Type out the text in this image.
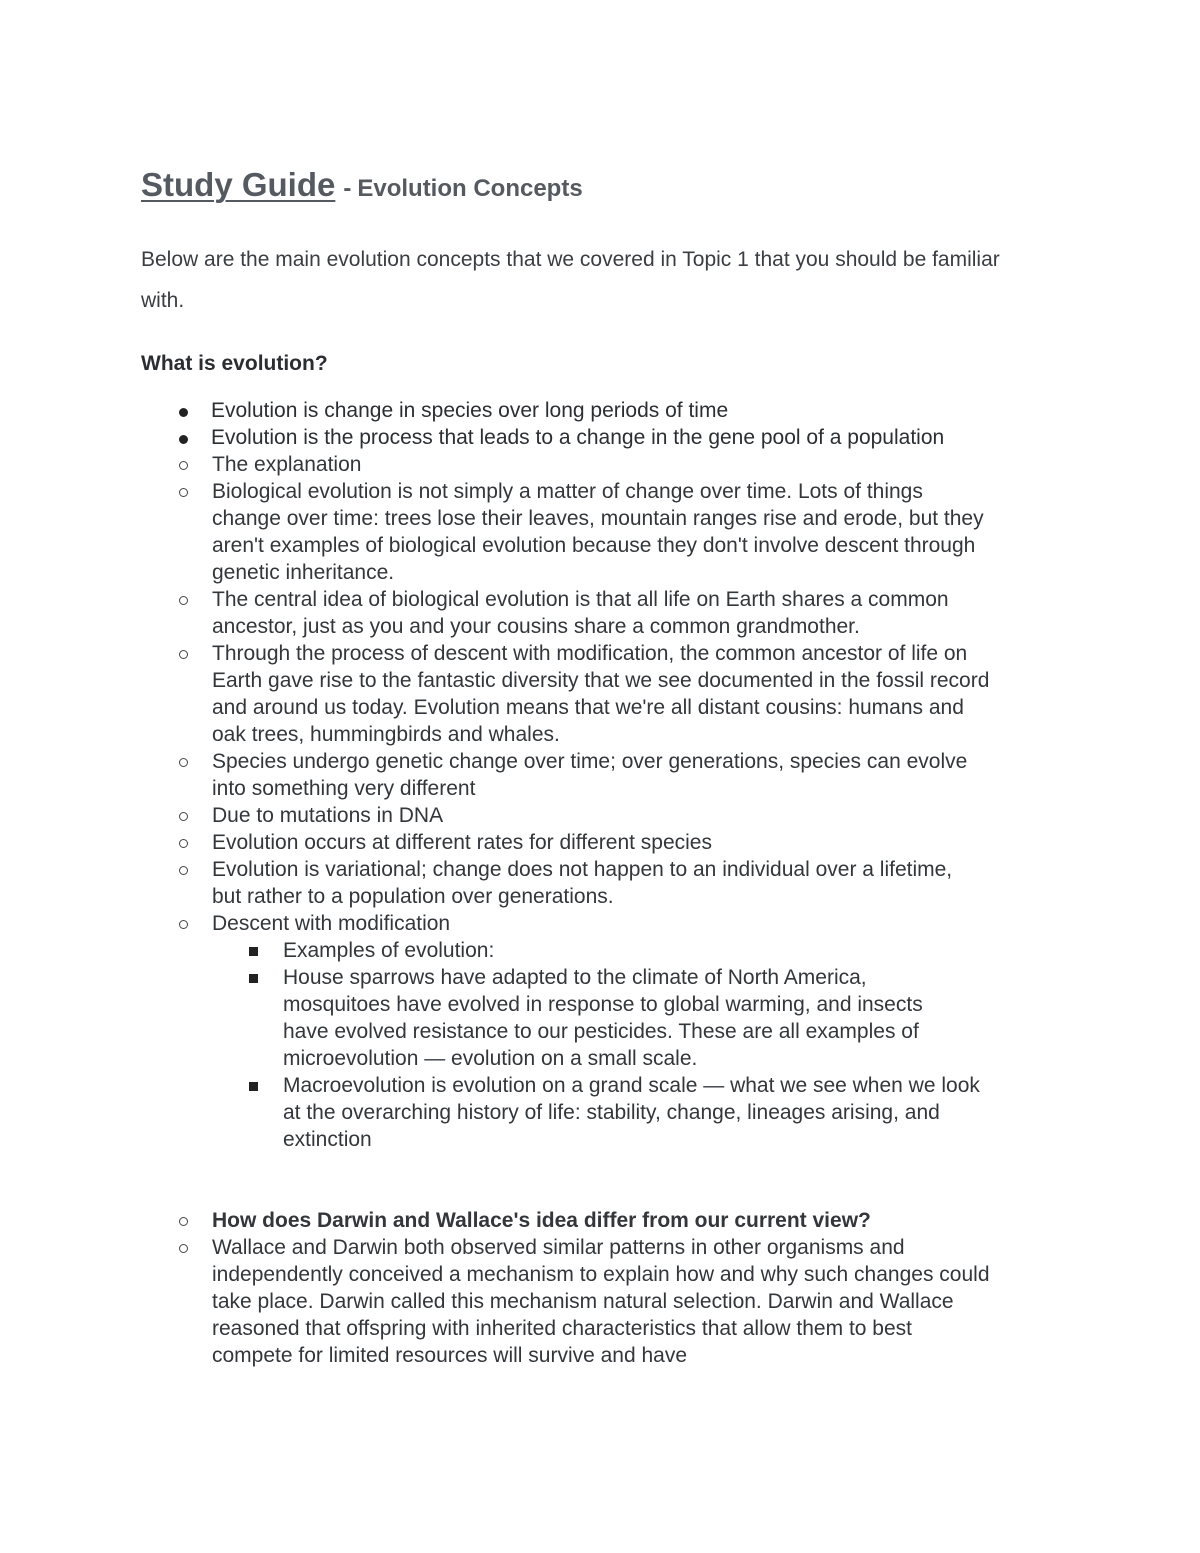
Study Guide - Evolution Concepts

Below are the main evolution concepts that we covered in Topic 1 that you should be familiar with.

What is evolution?
Evolution is change in species over long periods of time
Evolution is the process that leads to a change in the gene pool of a population
The explanation
Biological evolution is not simply a matter of change over time. Lots of things change over time: trees lose their leaves, mountain ranges rise and erode, but they aren't examples of biological evolution because they don't involve descent through genetic inheritance.
The central idea of biological evolution is that all life on Earth shares a common ancestor, just as you and your cousins share a common grandmother.
Through the process of descent with modification, the common ancestor of life on Earth gave rise to the fantastic diversity that we see documented in the fossil record and around us today. Evolution means that we're all distant cousins: humans and oak trees, hummingbirds and whales.
Species undergo genetic change over time; over generations, species can evolve into something very different
Due to mutations in DNA
Evolution occurs at different rates for different species
Evolution is variational; change does not happen to an individual over a lifetime, but rather to a population over generations.
Descent with modification
Examples of evolution:
House sparrows have adapted to the climate of North America, mosquitoes have evolved in response to global warming, and insects have evolved resistance to our pesticides. These are all examples of microevolution — evolution on a small scale.
Macroevolution is evolution on a grand scale — what we see when we look at the overarching history of life: stability, change, lineages arising, and extinction
How does Darwin and Wallace's idea differ from our current view?
Wallace and Darwin both observed similar patterns in other organisms and independently conceived a mechanism to explain how and why such changes could take place. Darwin called this mechanism natural selection. Darwin and Wallace reasoned that offspring with inherited characteristics that allow them to best compete for limited resources will survive and have
